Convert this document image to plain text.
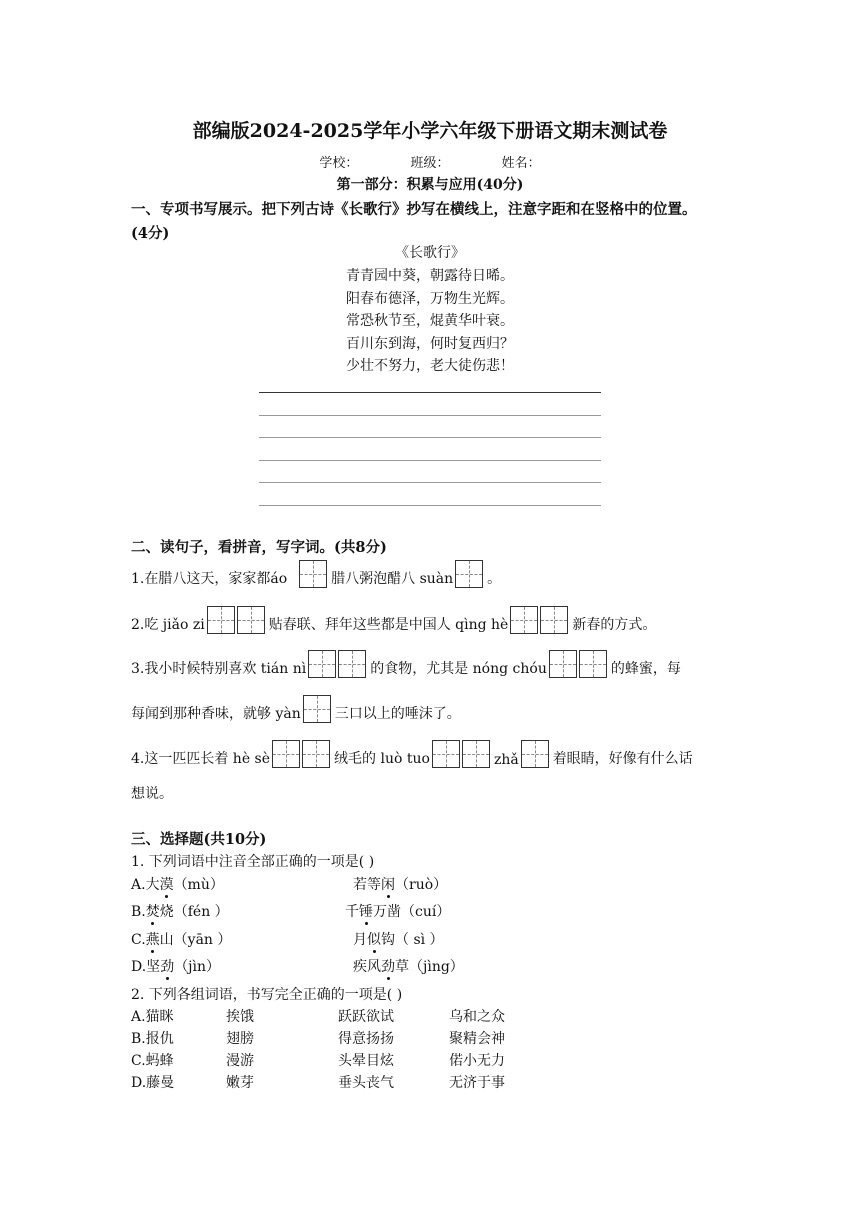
部编版2024-2025学年小学六年级下册语文期末测试卷
学校：	班级：	姓名：
第一部分：积累与应用(40分)
一、专项书写展示。把下列古诗《长歌行》抄写在横线上，注意字距和在竖格中的位置。
(4分)
《长歌行》
青青园中葵，朝露待日晞。
阳春布德泽，万物生光辉。
常恐秋节至，焜黄华叶衰。
百川东到海，何时复西归？
少壮不努力，老大徒伤悲！
二、读句子，看拼音，写字词。(共8分)
1.在腊八这天，家家都áo	腊八粥泡醋八 suàn 。
2.吃 jiǎo zi	贴春联、拜年这些都是中国人 qìng hè	新春的方式。
3.我小时候特别喜欢 tián nì	的食物，尤其是 nóng chóu	的蜂蜜，每
每闻到那种香味，就够 yàn 三口以上的唾沫了。
4.这一匹匹长着 hè sè	绒毛的 luò tuo	zhǎ 着眼睛，好像有什么话
想说。
三、选择题(共10分)
1. 下列词语中注音全部正确的一项是( )
A.大漠（mù）	若等闲（ruò）
B.焚烧（fén ）	千锤万凿（cuí）
C.燕山（yān ）	月似钩（ sì ）
D.坚劲（jìn）	疾风劲草（jìng）
2. 下列各组词语，书写完全正确的一项是( )
A.猫眯	挨饿	跃跃欲试	乌和之众
B.报仇	翅膀	得意扬扬	聚精会神
C.蚂蜂	漫游	头晕目炫	偌小无力
D.藤曼	嫩芽	垂头丧气	无济于事
